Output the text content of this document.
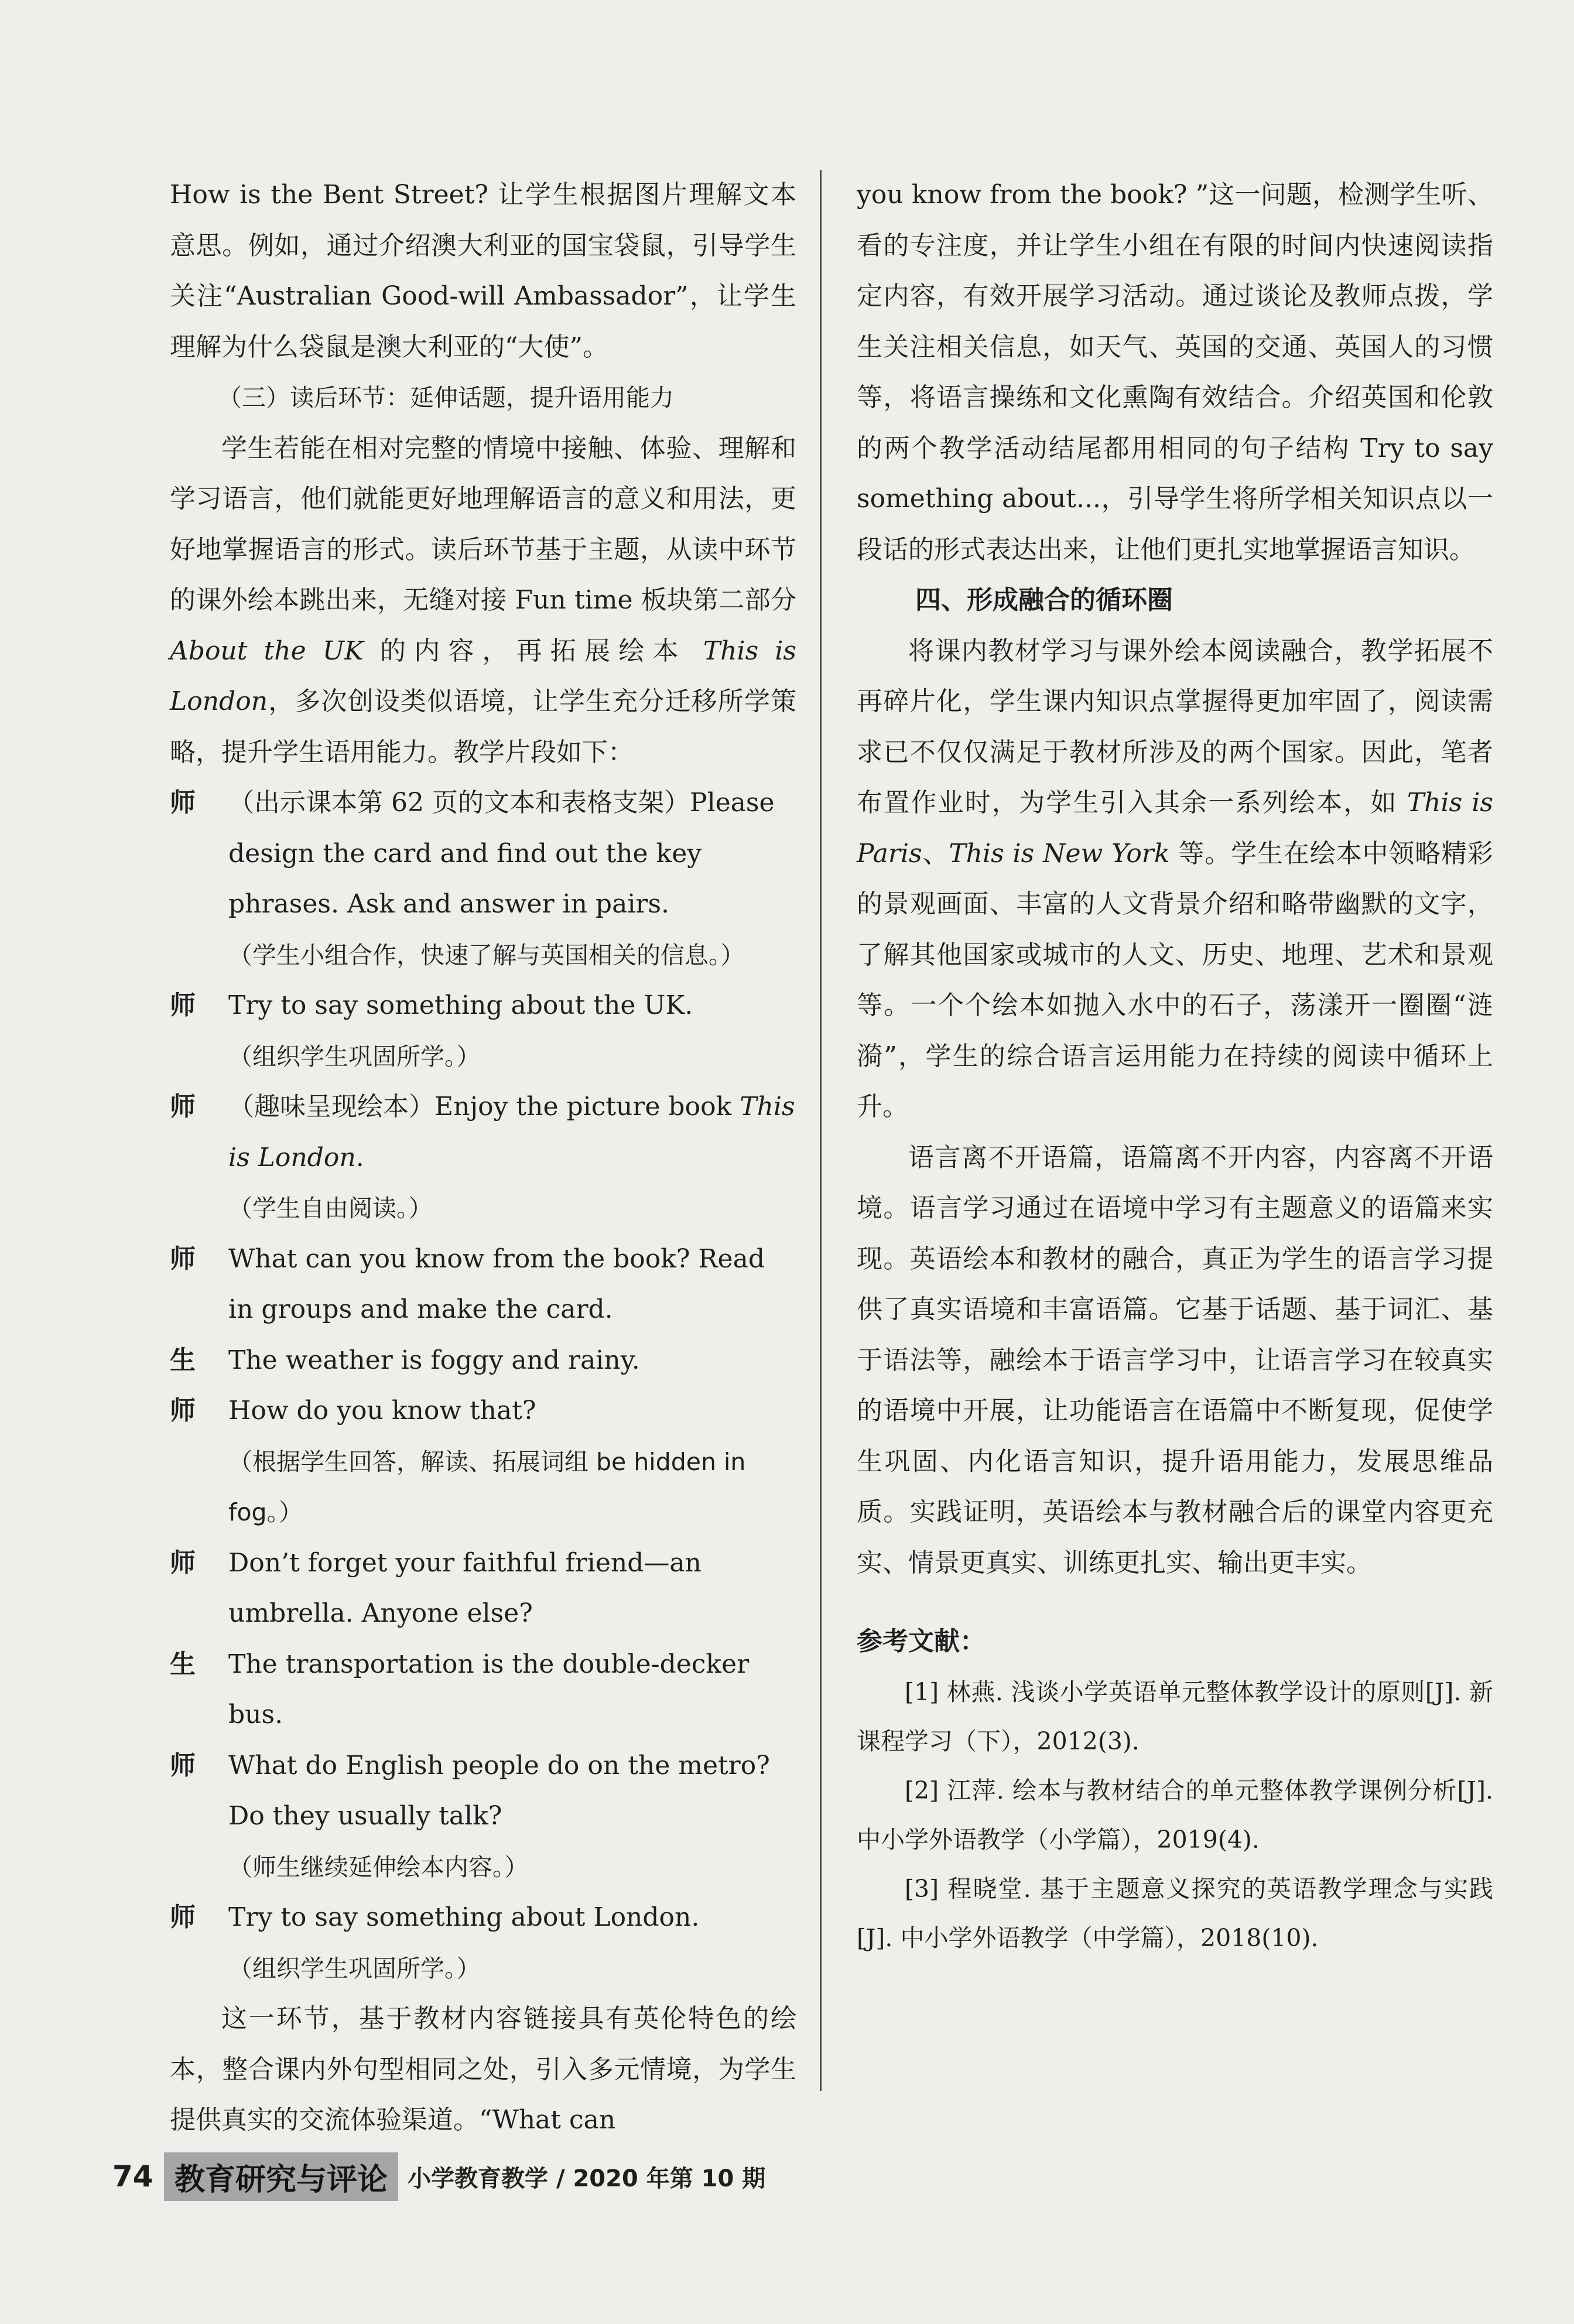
How is the Bent Street? 让学生根据图片理解文本意思。例如，通过介绍澳大利亚的国宝袋鼠，引导学生关注“Australian Good-will Ambassador”，让学生理解为什么袋鼠是澳大利亚的“大使”。

（三）读后环节：延伸话题，提升语用能力

学生若能在相对完整的情境中接触、体验、理解和学习语言，他们就能更好地理解语言的意义和用法，更好地掌握语言的形式。读后环节基于主题，从读中环节的课外绘本跳出来，无缝对接 Fun time 板块第二部分 About the UK 的内容，再拓展绘本 This is London，多次创设类似语境，让学生充分迁移所学策略，提升学生语用能力。教学片段如下：

师	（出示课本第 62 页的文本和表格支架）Please design the card and find out the key phrases. Ask and answer in pairs.
（学生小组合作，快速了解与英国相关的信息。）
师	Try to say something about the UK.
（组织学生巩固所学。）
师	（趣味呈现绘本）Enjoy the picture book This is London.
（学生自由阅读。）
师	What can you know from the book? Read in groups and make the card.
生	The weather is foggy and rainy.
师	How do you know that?
（根据学生回答，解读、拓展词组 be hidden in fog。）
师	Don’t forget your faithful friend—an umbrella. Anyone else?
生	The transportation is the double-decker bus.
师	What do English people do on the metro? Do they usually talk?
（师生继续延伸绘本内容。）
师	Try to say something about London.
（组织学生巩固所学。）

这一环节，基于教材内容链接具有英伦特色的绘本，整合课内外句型相同之处，引入多元情境，为学生提供真实的交流体验渠道。“What can

you know from the book? ”这一问题，检测学生听、看的专注度，并让学生小组在有限的时间内快速阅读指定内容，有效开展学习活动。通过谈论及教师点拨，学生关注相关信息，如天气、英国的交通、英国人的习惯等，将语言操练和文化熏陶有效结合。介绍英国和伦敦的两个教学活动结尾都用相同的句子结构 Try to say something about...，引导学生将所学相关知识点以一段话的形式表达出来，让他们更扎实地掌握语言知识。

四、形成融合的循环圈

将课内教材学习与课外绘本阅读融合，教学拓展不再碎片化，学生课内知识点掌握得更加牢固了，阅读需求已不仅仅满足于教材所涉及的两个国家。因此，笔者布置作业时，为学生引入其余一系列绘本，如 This is Paris、This is New York 等。学生在绘本中领略精彩的景观画面、丰富的人文背景介绍和略带幽默的文字，了解其他国家或城市的人文、历史、地理、艺术和景观等。一个个绘本如抛入水中的石子，荡漾开一圈圈“涟漪”，学生的综合语言运用能力在持续的阅读中循环上升。

语言离不开语篇，语篇离不开内容，内容离不开语境。语言学习通过在语境中学习有主题意义的语篇来实现。英语绘本和教材的融合，真正为学生的语言学习提供了真实语境和丰富语篇。它基于话题、基于词汇、基于语法等，融绘本于语言学习中，让语言学习在较真实的语境中开展，让功能语言在语篇中不断复现，促使学生巩固、内化语言知识，提升语用能力，发展思维品质。实践证明，英语绘本与教材融合后的课堂内容更充实、情景更真实、训练更扎实、输出更丰实。

参考文献：

[1] 林燕. 浅谈小学英语单元整体教学设计的原则[J]. 新课程学习（下），2012(3).

[2] 江萍. 绘本与教材结合的单元整体教学课例分析[J]. 中小学外语教学（小学篇），2019(4).

[3] 程晓堂. 基于主题意义探究的英语教学理念与实践[J]. 中小学外语教学（中学篇），2018(10).

74 教育研究与评论 小学教育教学 / 2020 年第 10 期
